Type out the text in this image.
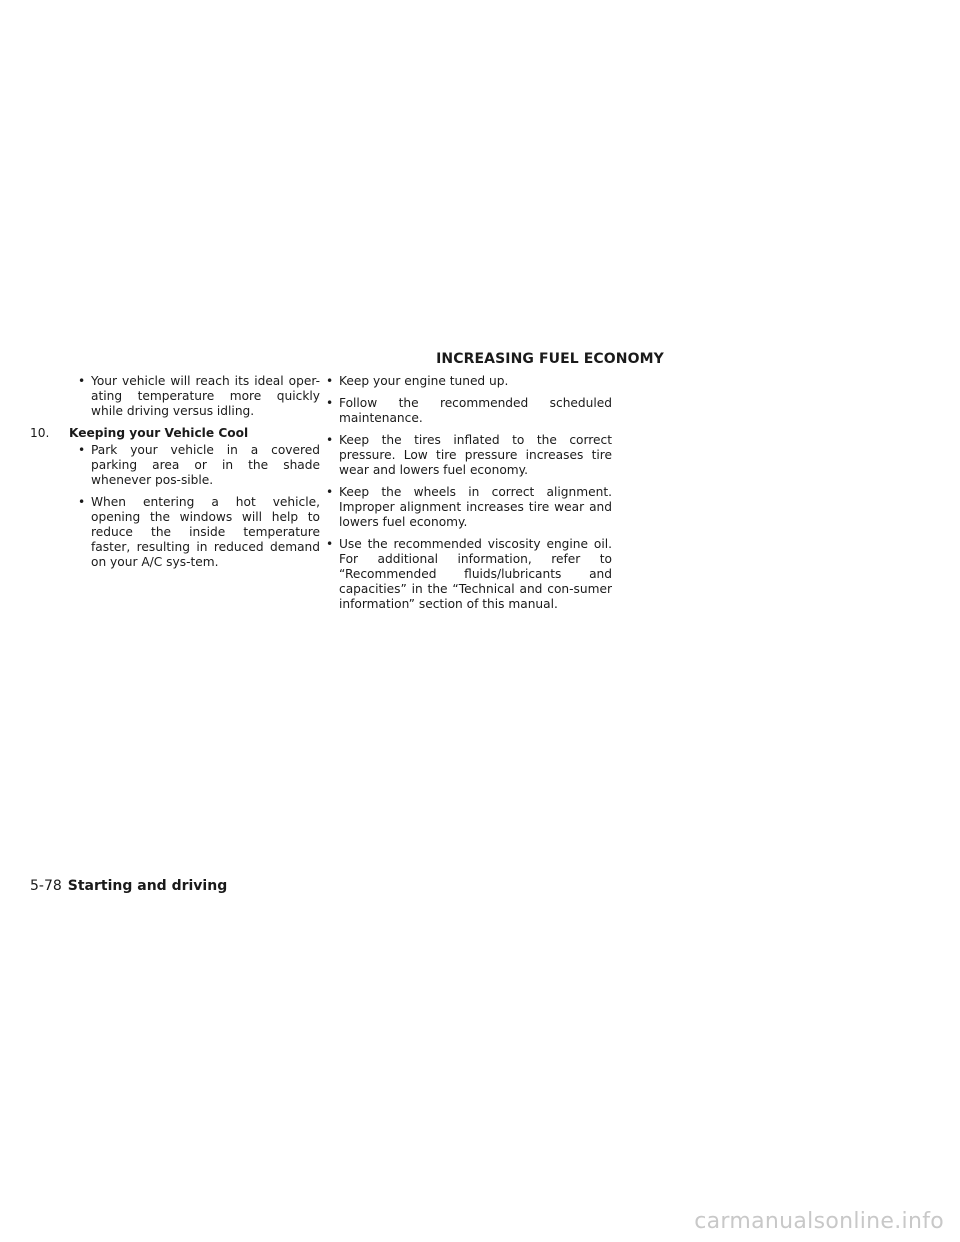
INCREASING FUEL ECONOMY
• Your vehicle will reach its ideal oper-ating temperature more quickly while driving versus idling.
10. Keeping your Vehicle Cool
• Park your vehicle in a covered parking area or in the shade whenever pos-sible.
• When entering a hot vehicle, opening the windows will help to reduce the inside temperature faster, resulting in reduced demand on your A/C sys-tem.
• Keep your engine tuned up.
• Follow the recommended scheduled maintenance.
• Keep the tires inflated to the correct pressure. Low tire pressure increases tire wear and lowers fuel economy.
• Keep the wheels in correct alignment. Improper alignment increases tire wear and lowers fuel economy.
• Use the recommended viscosity engine oil. For additional information, refer to “Recommended fluids/lubricants and capacities” in the “Technical and con-sumer information” section of this manual.
5-78 Starting and driving
carmanualsonline.info
